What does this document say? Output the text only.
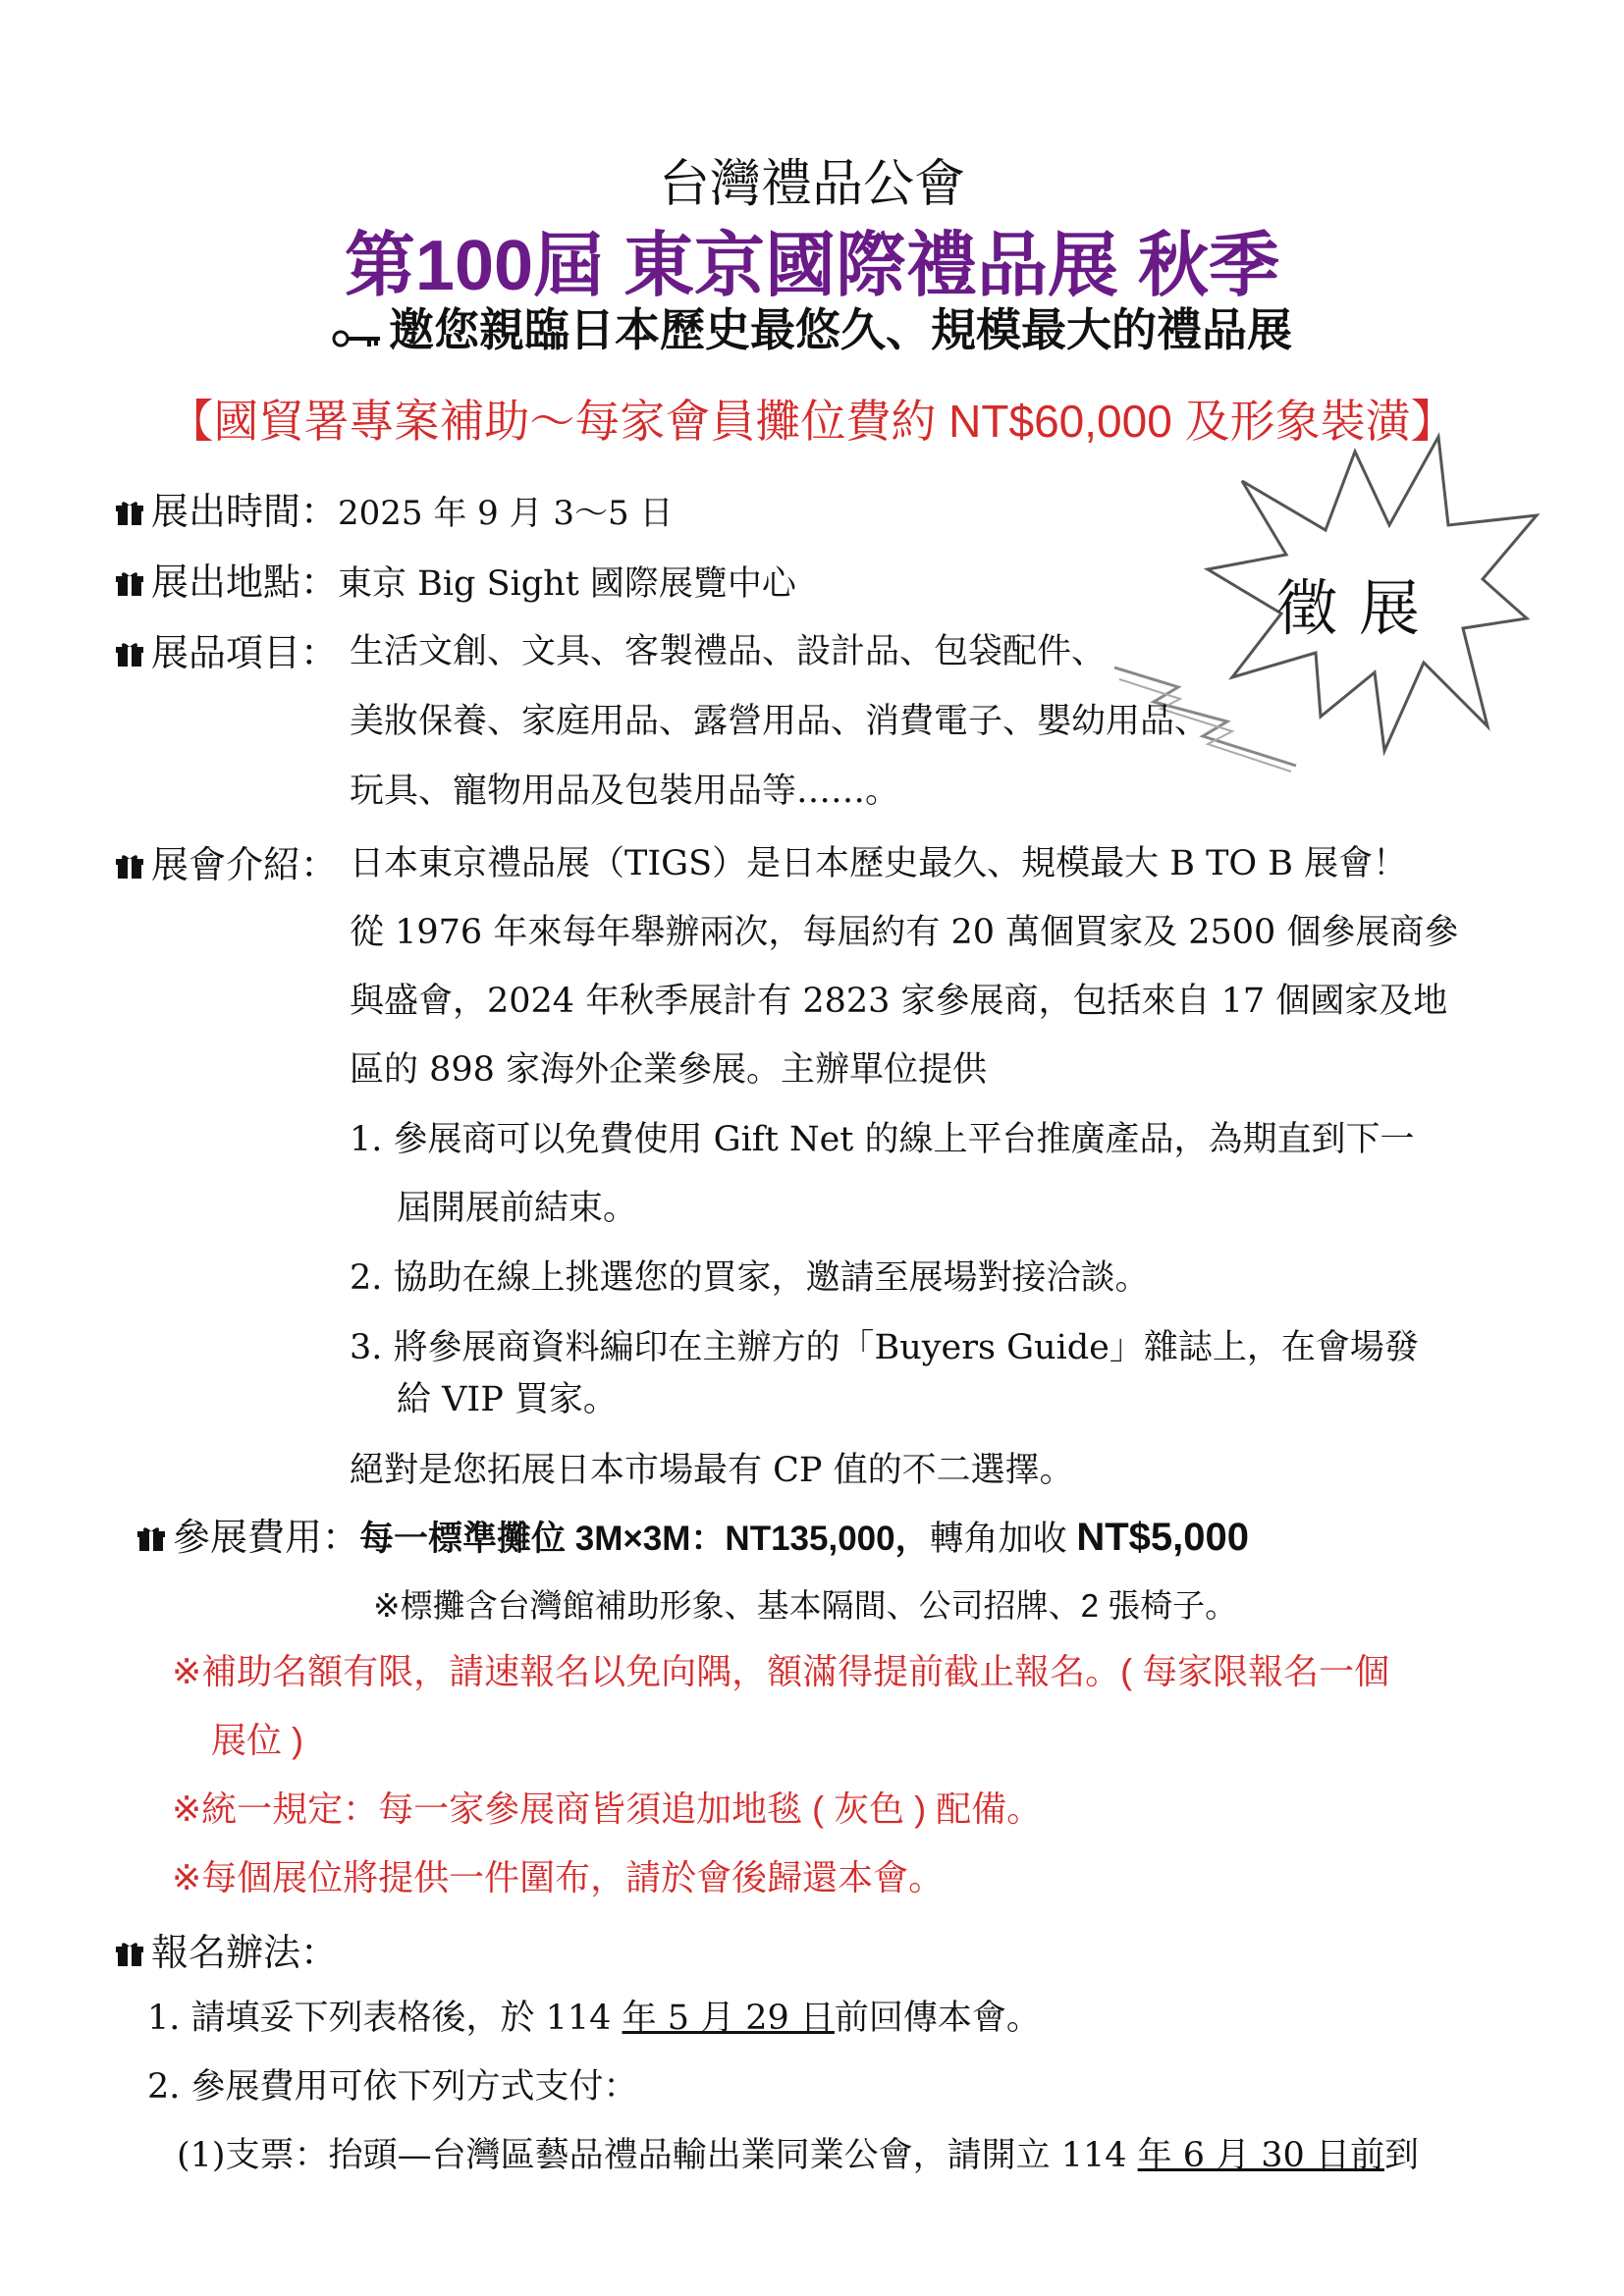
台灣禮品公會
第100屆 東京國際禮品展 秋季
邀您親臨日本歷史最悠久、規模最大的禮品展
【國貿署專案補助～每家會員攤位費約 NT$60,000 及形象裝潢】
徵展
展出時間：2025 年 9 月 3～5 日
展出地點：東京 Big Sight 國際展覽中心
展品項目： 生活文創、文具、客製禮品、設計品、包袋配件、
美妝保養、家庭用品、露營用品、消費電子、嬰幼用品、
玩具、寵物用品及包裝用品等……。
展會介紹： 日本東京禮品展（TIGS）是日本歷史最久、規模最大 B TO B 展會！
從 1976 年來每年舉辦兩次，每屆約有 20 萬個買家及 2500 個參展商參
與盛會，2024 年秋季展計有 2823 家參展商，包括來自 17 個國家及地
區的 898 家海外企業參展。主辦單位提供
1. 參展商可以免費使用 Gift Net 的線上平台推廣產品，為期直到下一
屆開展前結束。
2. 協助在線上挑選您的買家，邀請至展場對接洽談。
3. 將參展商資料編印在主辦方的「Buyers Guide」雜誌上，在會場發
給 VIP 買家。
絕對是您拓展日本市場最有 CP 值的不二選擇。
參展費用：每一標準攤位 3M×3M：NT135,000，轉角加收 NT$5,000
※標攤含台灣館補助形象、基本隔間、公司招牌、2 張椅子。
※補助名額有限，請速報名以免向隅，額滿得提前截止報名。( 每家限報名一個
展位 )
※統一規定：每一家參展商皆須追加地毯 ( 灰色 ) 配備。
※每個展位將提供一件圍布，請於會後歸還本會。
報名辦法：
1. 請填妥下列表格後，於 114 年 5 月 29 日前回傳本會。
2. 參展費用可依下列方式支付：
(1)支票：抬頭—台灣區藝品禮品輸出業同業公會，請開立 114 年 6 月 30 日前到
